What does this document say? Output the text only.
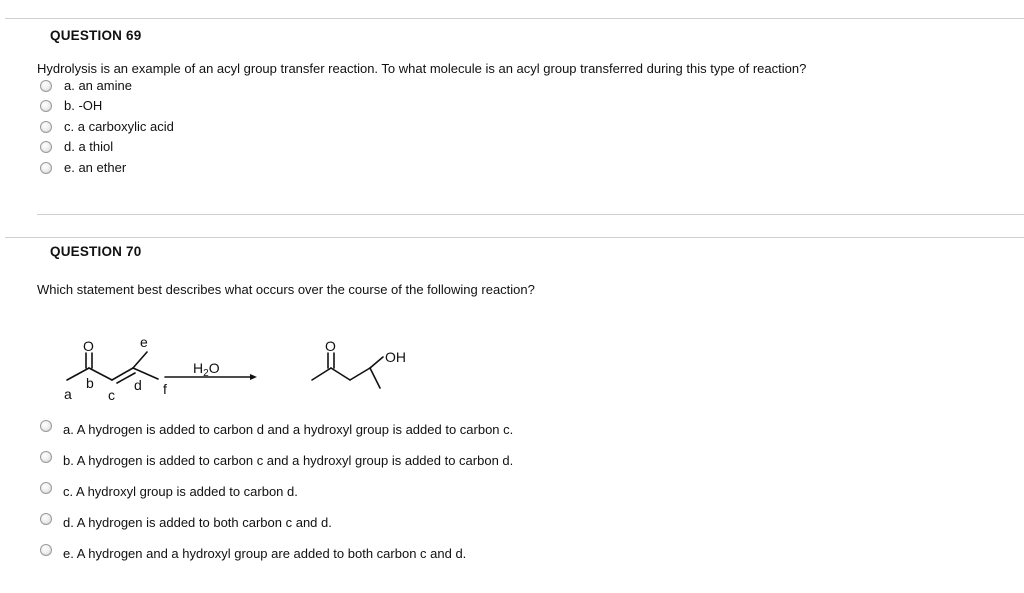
QUESTION 69
Hydrolysis is an example of an acyl group transfer reaction. To what molecule is an acyl group transferred during this type of reaction?
a. an amine
b. -OH
c. a carboxylic acid
d. a thiol
e. an ether
QUESTION 70
Which statement best describes what occurs over the course of the following reaction?
O
a
b
c
d
e
f
$H_2O$
O
OH
a. A hydrogen is added to carbon d and a hydroxyl group is added to carbon c.
b. A hydrogen is added to carbon c and a hydroxyl group is added to carbon d.
c. A hydroxyl group is added to carbon d.
d. A hydrogen is added to both carbon c and d.
e. A hydrogen and a hydroxyl group are added to both carbon c and d.
